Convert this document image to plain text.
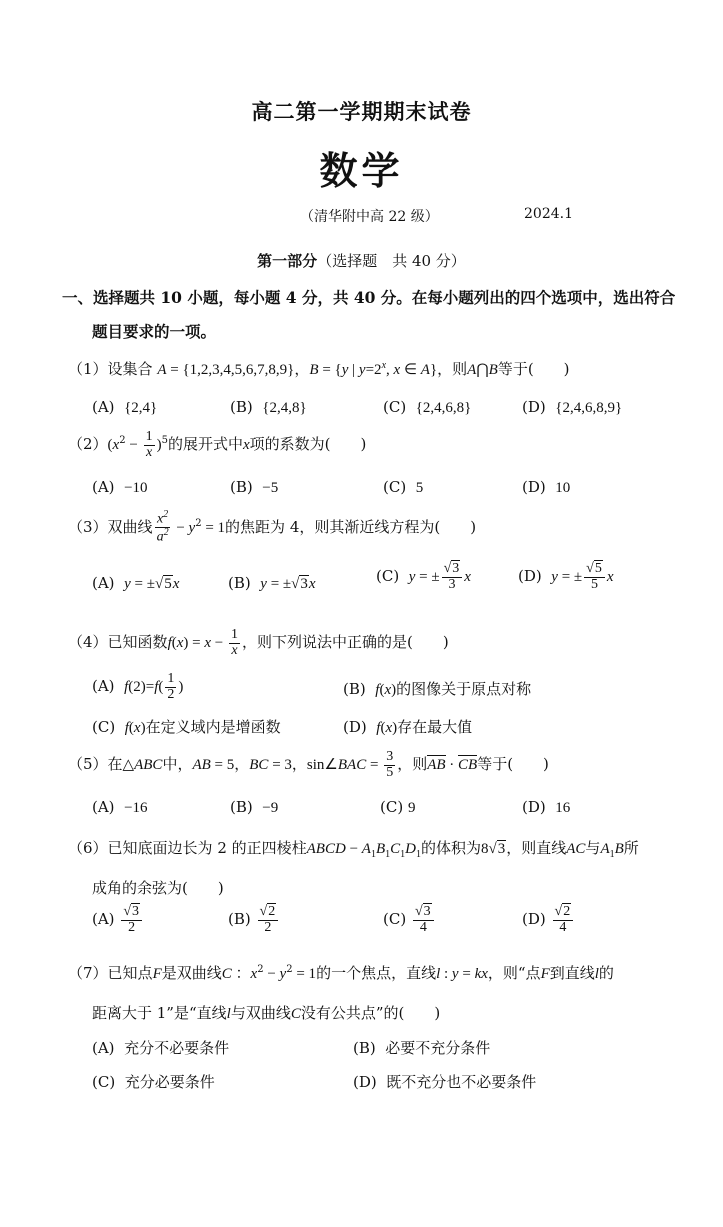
高二第一学期期末试卷
数学
（清华附中高 22 级）	2024.1
第一部分（选择题　共 40 分）
一、选择题共 10 小题，每小题 4 分，共 40 分。在每小题列出的四个选项中，选出符合
题目要求的一项。
（1）设集合 A = {1,2,3,4,5,6,7,8,9}，B = {y | $y=2^x$, x ∈ A}，则A⋂B等于(　　)
(A) {2,4}	(B) {2,4,8}	(C) {2,4,6,8}	(D) {2,4,6,8,9}
$(2)(x^2 - \frac{1}{x} )^5$的展开式中x项的系数为(　　)
(A) −10	(B) −5	(C) 5	(D) 10
（3）双曲线 $\frac{x^2}{a^2} - y^2 = 1$的焦距为 4，则其渐近线方程为(　　)
(A) y = ±√5x	(B) y = ±√3x	(C) y = ± $\frac{√3}{3}$ x	(D) y = ± $\frac{√5}{5}$ x
（4）已知函数$f(x) = x - \frac{1}{x}$ ，则下列说法中正确的是(　　)
(A) $f(2)=f( \frac{1}{2}$ )	(B) f(x)的图像关于原点对称
(C) f(x)在定义域内是增函数	(D) f(x)存在最大值
（5）在△ABC中，AB = 5，BC = 3，sin∠BAC = $\frac{3}{5}$ ，则AB · CB等于(　　)
(A) −16	(B) −9	(C) 9	(D) 16
（6）已知底面边长为 2 的正四棱柱ABCD − $A_1B_1C_1D_1$的体积为8√3，则直线AC与$A_1B$所
成角的余弦为(　　)
$(A) \frac{√3}{2}$	$(B) \frac{√2}{2}$	$(C) \frac{√3}{4}$	$(D) \frac{√2}{4}$
（7）已知点F是双曲线C ：$x^2 - y^2 = 1$的一个焦点，直线l : y = kx，则“点F到直线l的
距离大于 1”是“直线l与双曲线C没有公共点”的(　　)
(A) 充分不必要条件	(B) 必要不充分条件
(C) 充分必要条件	(D) 既不充分也不必要条件
